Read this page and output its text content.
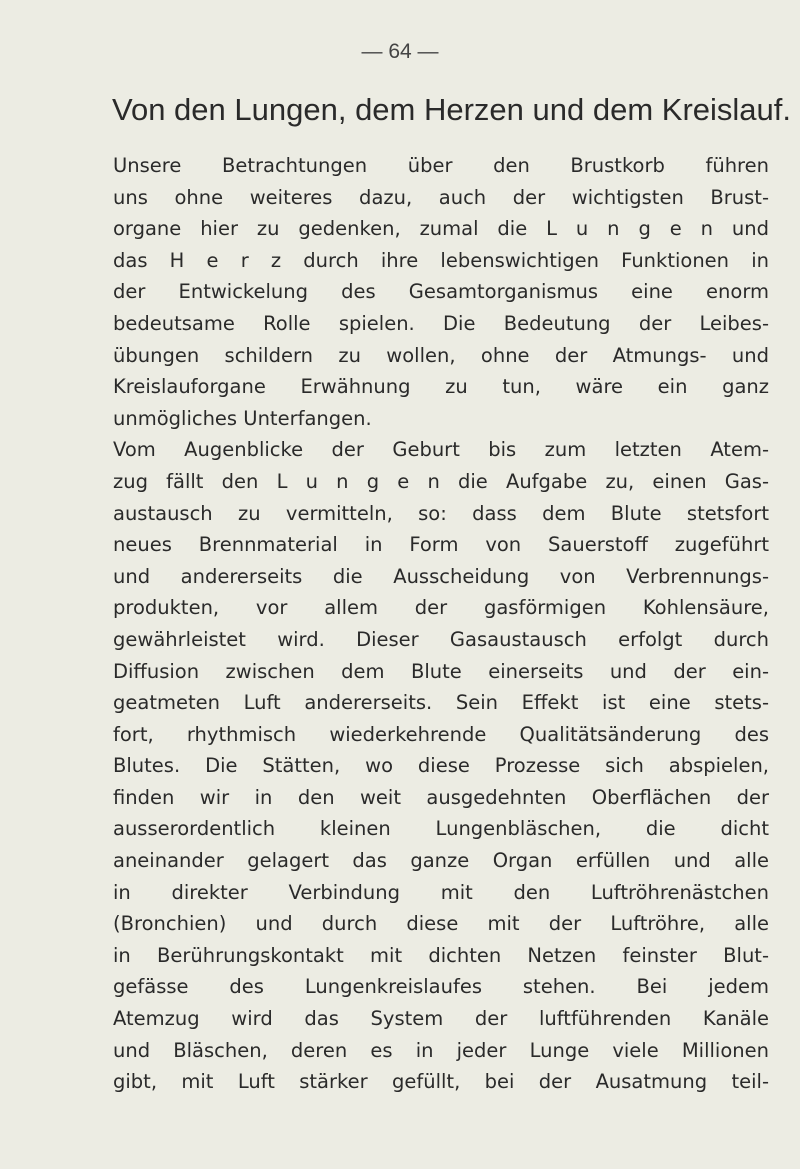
— 64 —
Von den Lungen, dem Herzen und dem Kreislauf.
Unsere Betrachtungen über den Brustkorb führen
uns ohne weiteres dazu, auch der wichtigsten Brust-
organe hier zu gedenken, zumal die L u n g e n und
das H e r z durch ihre lebenswichtigen Funktionen in
der Entwickelung des Gesamtorganismus eine enorm
bedeutsame Rolle spielen. Die Bedeutung der Leibes-
übungen schildern zu wollen, ohne der Atmungs- und
Kreislauforgane Erwähnung zu tun, wäre ein ganz
unmögliches Unterfangen.
Vom Augenblicke der Geburt bis zum letzten Atem-
zug fällt den L u n g e n die Aufgabe zu, einen Gas-
austausch zu vermitteln, so: dass dem Blute stetsfort
neues Brennmaterial in Form von Sauerstoff zugeführt
und andererseits die Ausscheidung von Verbrennungs-
produkten, vor allem der gasförmigen Kohlensäure,
gewährleistet wird. Dieser Gasaustausch erfolgt durch
Diffusion zwischen dem Blute einerseits und der ein-
geatmeten Luft andererseits. Sein Effekt ist eine stets-
fort, rhythmisch wiederkehrende Qualitätsänderung des
Blutes. Die Stätten, wo diese Prozesse sich abspielen,
finden wir in den weit ausgedehnten Oberflächen der
ausserordentlich kleinen Lungenbläschen, die dicht
aneinander gelagert das ganze Organ erfüllen und alle
in direkter Verbindung mit den Luftröhrenästchen
(Bronchien) und durch diese mit der Luftröhre, alle
in Berührungskontakt mit dichten Netzen feinster Blut-
gefässe des Lungenkreislaufes stehen. Bei jedem
Atemzug wird das System der luftführenden Kanäle
und Bläschen, deren es in jeder Lunge viele Millionen
gibt, mit Luft stärker gefüllt, bei der Ausatmung teil-
